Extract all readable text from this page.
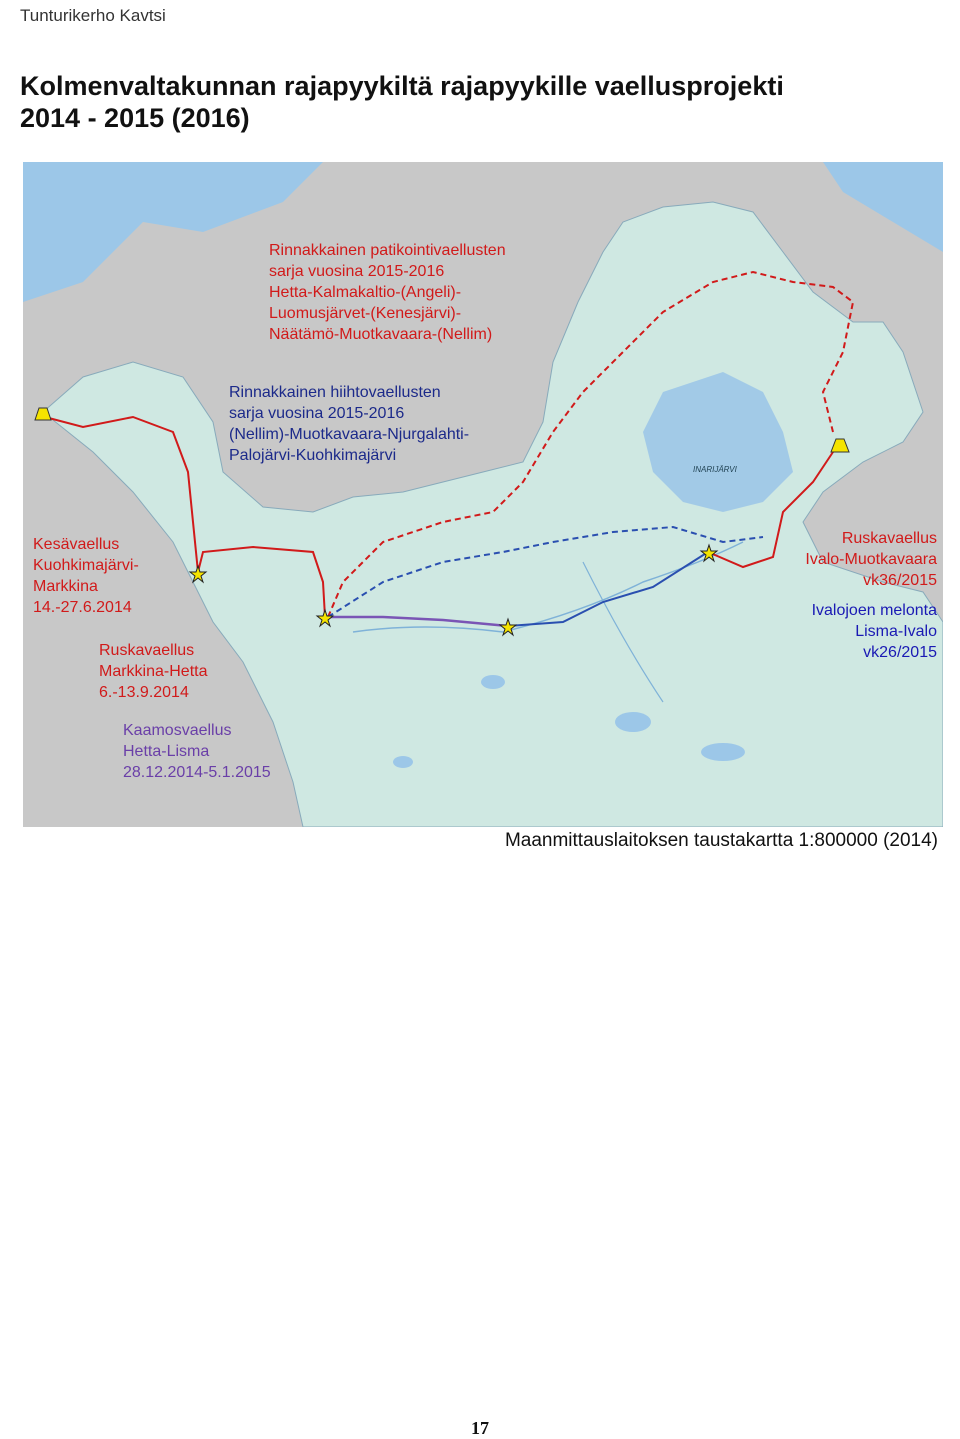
Tunturikerho Kavtsi
Kolmenvaltakunnan rajapyykiltä rajapyykille vaellusprojekti
2014 - 2015 (2016)
INARIJÄRVI
Rinnakkainen patikointivaellusten
sarja vuosina 2015-2016
Hetta-Kalmakaltio-(Angeli)-
Luomusjärvet-(Kenesjärvi)-
Näätämö-Muotkavaara-(Nellim)
Rinnakkainen hiihtovaellusten
sarja vuosina 2015-2016
(Nellim)-Muotkavaara-Njurgalahti-
Palojärvi-Kuohkimajärvi
Kesävaellus
Kuohkimajärvi-
Markkina
14.-27.6.2014
Ruskavaellus
Markkina-Hetta
6.-13.9.2014
Kaamosvaellus
Hetta-Lisma
28.12.2014-5.1.2015
Ruskavaellus
Ivalo-Muotkavaara
vk36/2015
Ivalojoen melonta
Lisma-Ivalo
vk26/2015
Maanmittauslaitoksen taustakartta 1:800000 (2014)
17
